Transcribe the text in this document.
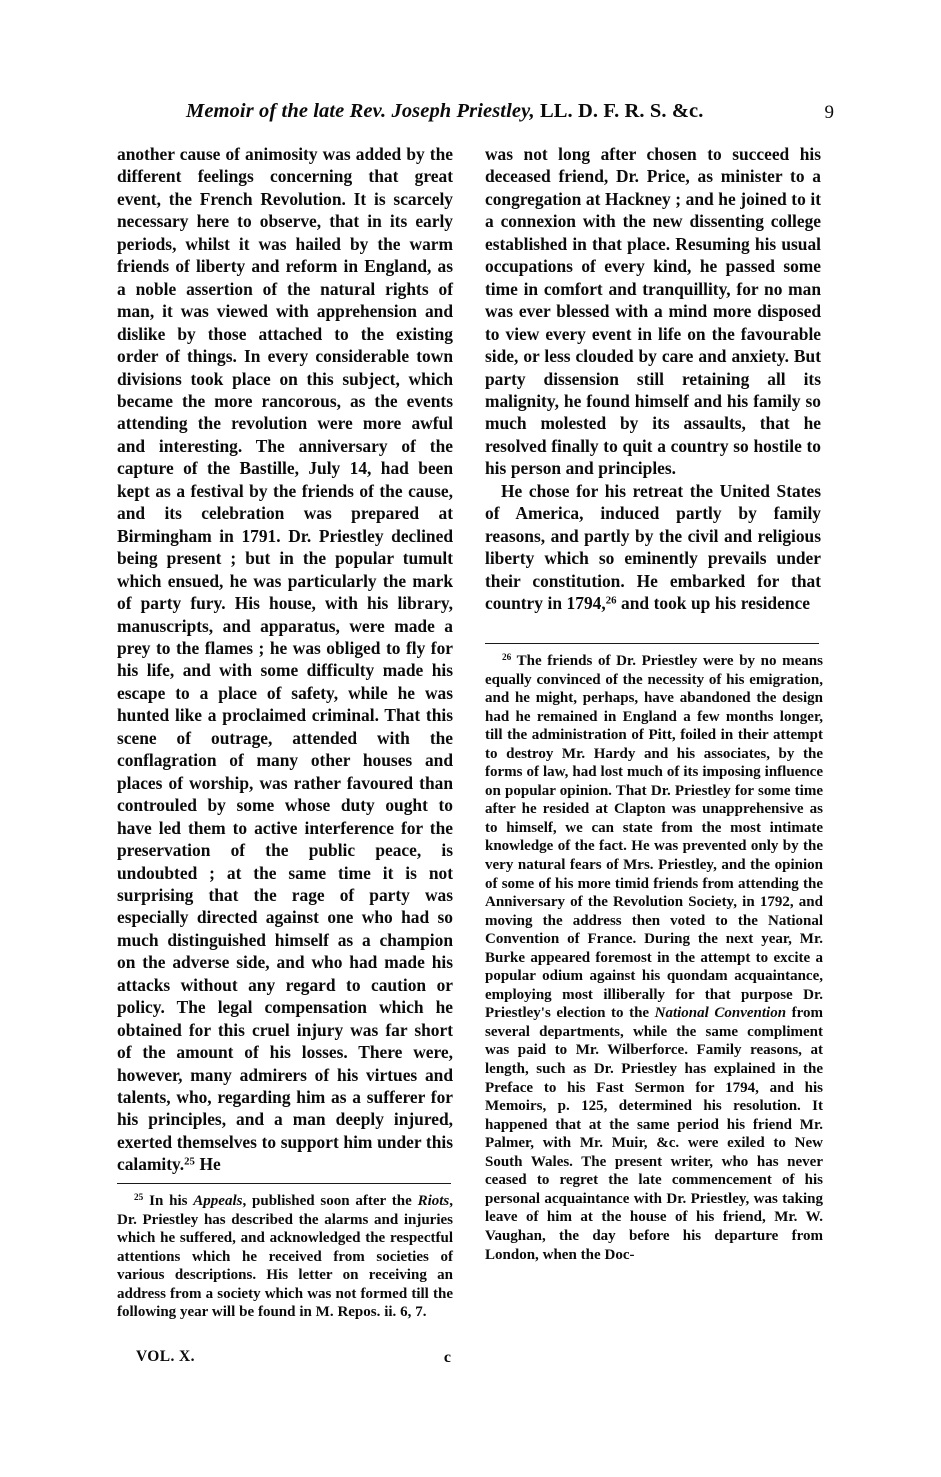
Memoir of the late Rev. Joseph Priestley, LL. D. F. R. S. &c.	9

another cause of animosity was added by the different feelings concerning that great event, the French Revolution. It is scarcely necessary here to observe, that in its early periods, whilst it was hailed by the warm friends of liberty and reform in England, as a noble assertion of the natural rights of man, it was viewed with apprehension and dislike by those attached to the existing order of things. In every considerable town divisions took place on this subject, which became the more rancorous, as the events attending the revolution were more awful and interesting. The anniversary of the capture of the Bastille, July 14, had been kept as a festival by the friends of the cause, and its celebration was prepared at Birmingham in 1791. Dr. Priestley declined being present ; but in the popular tumult which ensued, he was particularly the mark of party fury. His house, with his library, manuscripts, and apparatus, were made a prey to the flames ; he was obliged to fly for his life, and with some difficulty made his escape to a place of safety, while he was hunted like a proclaimed criminal. That this scene of outrage, attended with the conflagration of many other houses and places of worship, was rather favoured than controuled by some whose duty ought to have led them to active interference for the preservation of the public peace, is undoubted ; at the same time it is not surprising that the rage of party was especially directed against one who had so much distinguished himself as a champion on the adverse side, and who had made his attacks without any regard to caution or policy. The legal compensation which he obtained for this cruel injury was far short of the amount of his losses. There were, however, many admirers of his virtues and talents, who, regarding him as a sufferer for his principles, and a man deeply injured, exerted themselves to support him under this calamity.$^{25}$ He

was not long after chosen to succeed his deceased friend, Dr. Price, as minister to a congregation at Hackney ; and he joined to it a connexion with the new dissenting college established in that place. Resuming his usual occupations of every kind, he passed some time in comfort and tranquillity, for no man was ever blessed with a mind more disposed to view every event in life on the favourable side, or less clouded by care and anxiety. But party dissension still retaining all its malignity, he found himself and his family so much molested by its assaults, that he resolved finally to quit a country so hostile to his person and principles.

He chose for his retreat the United States of America, induced partly by family reasons, and partly by the civil and religious liberty which so eminently prevails under their constitution. He embarked for that country in 1794,26 and took up his residence

$^{26}$ The friends of Dr. Priestley were by no means equally convinced of the necessity of his emigration, and he might, perhaps, have abandoned the design had he remained in England a few months longer, till the administration of Pitt, foiled in their attempt to destroy Mr. Hardy and his associates, by the forms of law, had lost much of its imposing influence on popular opinion. That Dr. Priestley for some time after he resided at Clapton was unapprehensive as to himself, we can state from the most intimate knowledge of the fact. He was prevented only by the very natural fears of Mrs. Priestley, and the opinion of some of his more timid friends from attending the Anniversary of the Revolution Society, in 1792, and moving the address then voted to the National Convention of France. During the next year, Mr. Burke appeared foremost in the attempt to excite a popular odium against his quondam acquaintance, employing most illiberally for that purpose Dr. Priestley's election to the National Convention from several departments, while the same compliment was paid to Mr. Wilberforce. Family reasons, at length, such as Dr. Priestley has explained in the Preface to his Fast Sermon for 1794, and his Memoirs, p. 125, determined his resolution. It happened that at the same period his friend Mr. Palmer, with Mr. Muir, &c. were exiled to New South Wales. The present writer, who has never ceased to regret the late commencement of his personal acquaintance with Dr. Priestley, was taking leave of him at the house of his friend, Mr. W. Vaughan, the day before his departure from London, when the Doc-

$^{25}$ In his Appeals, published soon after the Riots, Dr. Priestley has described the alarms and injuries which he suffered, and acknowledged the respectful attentions which he received from societies of various descriptions. His letter on receiving an address from a society which was not formed till the following year will be found in M. Repos. ii. 6, 7.

VOL. X.	c
